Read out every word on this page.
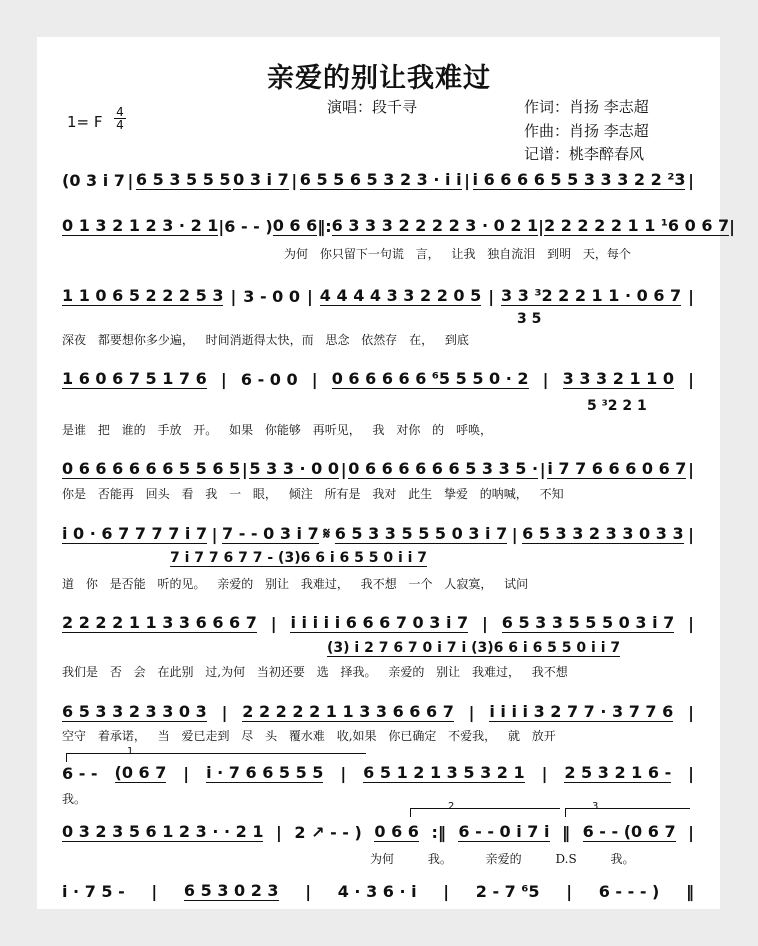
亲爱的别让我难过
演唱：段千寻	作词：肖扬 李志超
作曲：肖扬 李志超
记谱：桃李醉春风
1= F
4
4
(0 3 i 7 | 6 5 3 5 5 5 0 3 i 7 | 6 5 5 6 5 3 2 3 · i i | i 6 6 6 6 5 5 3 3 3 2 2 ²3 |
0 1 3 2 1 2 3 · 2 1 | 6 - - ) 0 6 6 ‖: 6 3 3 3 2 2 2 2 3 · 0 2 1 | 2 2 2 2 2 1 1 ¹6 0 6 7 |
为何 你只留下一句谎 言， 让我 独自流泪 到明 天，每个
1 1 0 6 5 2 2 2 5 3 | 3 - 0 0 | 4 4 4 4 3 3 2 2 0 5 | 3 3 ³2 2 2 1 1 · 0 6 7 |
3 5
深夜 都要想你多少遍， 时间消逝得太快，而 思念 依然存 在， 到底
1 6 0 6 7 5 1 7 6 | 6 - 0 0 | 0 6 6 6 6 6 ⁶5 5 5 0 · 2 | 3 3 3 2 1 1 0 |
5 ³2 2 1
是谁 把 谁的 手放 开。 如果 你能够 再听见， 我 对你 的 呼唤，
0 6 6 6 6 6 6 5 5 6 5 | 5 3 3 · 0 0 | 0 6 6 6 6 6 6 5 3 3 5 · | i 7 7 6 6 6 0 6 7 |
你是 否能再 回头 看 我 一 眼， 倾注 所有是 我对 此生 挚爱 的呐喊， 不知
i 0 · 6 7 7 7 7 i 7 | 7 - - 0 3 i 7 𝄋 6 5 3 3 5 5 5 0 3 i 7 | 6 5 3 3 2 3 3 0 3 3 |
7 i 7 7 6 7 7 - (3)6 6 i 6 5 5 0 i i 7
道 你 是否能 听的见。 亲爱的 别让 我难过， 我不想 一个 人寂寞， 试问
2 2 2 2 1 1 3 3 6 6 6 7 | i i i i i 6 6 6 7 0 3 i 7 | 6 5 3 3 5 5 5 0 3 i 7 |
(3) i 2 7 6 7 0 i 7 i (3)6 6 i 6 5 5 0 i i 7
我们是 否 会 在此别 过,为何 当初还要 选 择我。 亲爱的 别让 我难过， 我不想
6 5 3 3 2 3 3 0 3 | 2 2 2 2 2 1 1 3 3 6 6 6 7 | i i i i 3 2 7 7 · 3 7 7 6 |
空守 着承诺， 当 爱已走到 尽 头 覆水难 收,如果 你已确定 不爱我， 就 放开
1
6 - - (0 6 7 | i · 7 6 6 5 5 5 | 6 5 1 2 1 3 5 3 2 1 | 2 5 3 2 1 6 - |
我。
2	3
0 3 2 3 5 6 1 2 3 · · 2 1 | 2 ↗ - - ) 0 6 6 :‖ 6 - - 0 i 7 i ‖ 6 - - (0 6 7 |
为何 我。 亲爱的 D.S 我。
i · 7 5 - | 6 5 3 0 2 3 | 4 · 3 6 · i | 2 - 7 ⁶5 | 6 - - - ) ‖
